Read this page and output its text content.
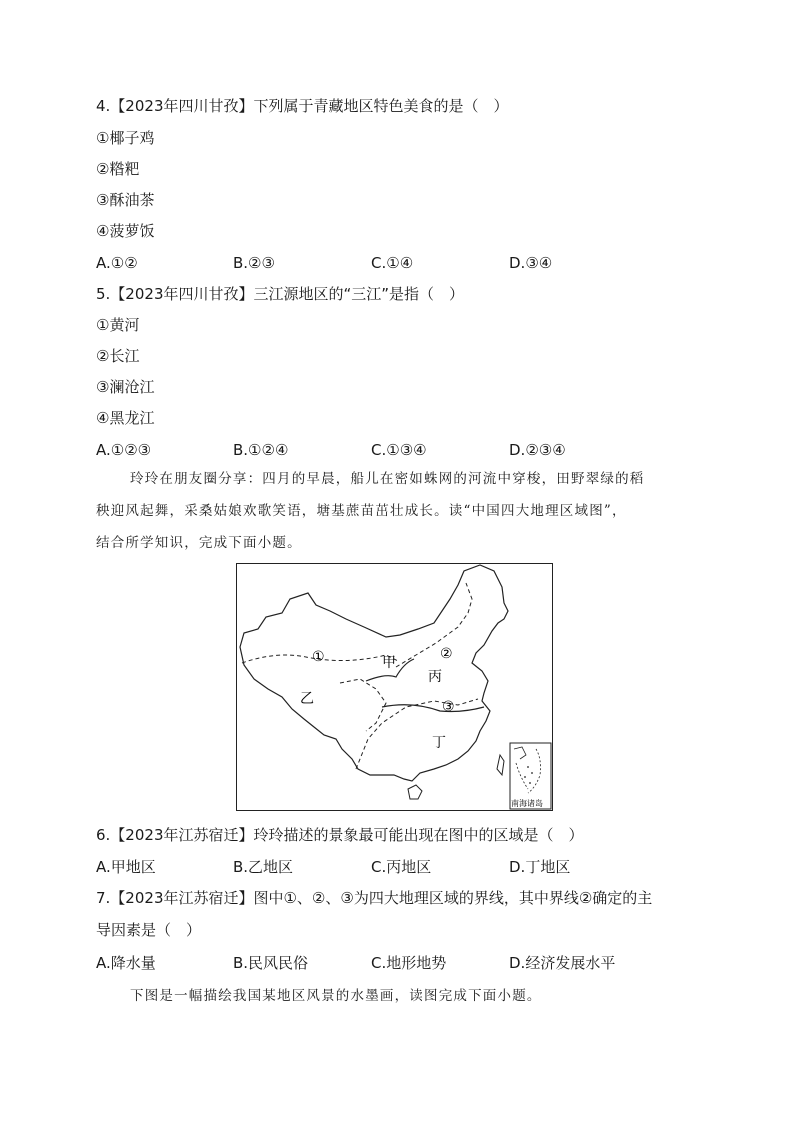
4.【2023年四川甘孜】下列属于青藏地区特色美食的是（　）
①椰子鸡
②糌粑
③酥油茶
④菠萝饭
A.①②	B.②③	C.①④	D.③④
5.【2023年四川甘孜】三江源地区的“三江”是指（　）
①黄河
②长江
③澜沧江
④黑龙江
A.①②③	B.①②④	C.①③④	D.②③④
玲玲在朋友圈分享：四月的早晨，船儿在密如蛛网的河流中穿梭，田野翠绿的稻
秧迎风起舞，采桑姑娘欢歌笑语，塘基蔗苗茁壮成长。读“中国四大地理区域图”，
结合所学知识，完成下面小题。
甲
乙
丙
丁
①	②
③
南海诸岛
6.【2023年江苏宿迁】玲玲描述的景象最可能出现在图中的区域是（　）
A.甲地区	B.乙地区	C.丙地区	D.丁地区
7.【2023年江苏宿迁】图中①、②、③为四大地理区域的界线，其中界线②确定的主
导因素是（　）
A.降水量	B.民风民俗	C.地形地势	D.经济发展水平
下图是一幅描绘我国某地区风景的水墨画，读图完成下面小题。
